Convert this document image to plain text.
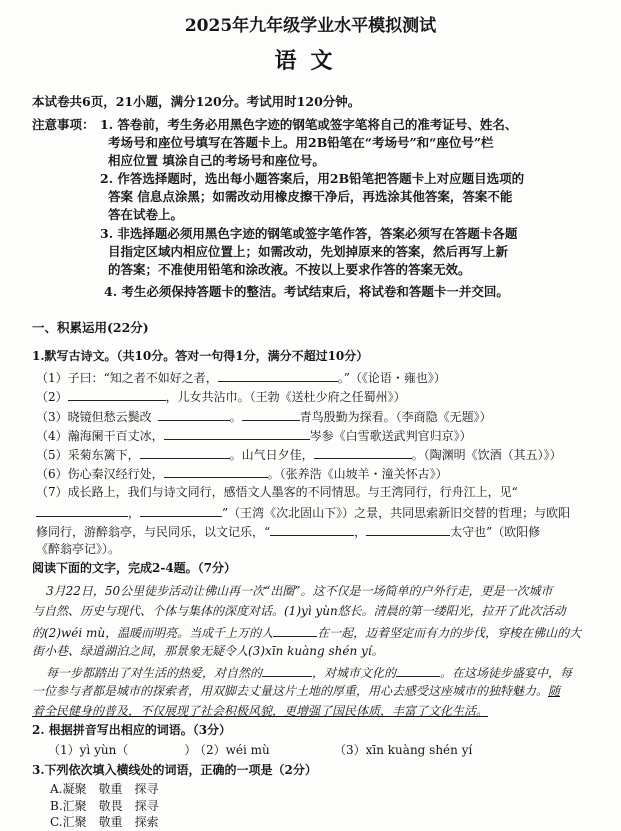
2025年九年级学业水平模拟测试
语文
本试卷共6页，21小题，满分120分。考试用时120分钟。
注意事项： 1. 答卷前，考生务必用黑色字迹的钢笔或签字笔将自己的准考证号、姓名、
考场号和座位号填写在答题卡上。用2B铅笔在“考场号”和“座位号”栏
相应位置 填涂自己的考场号和座位号。
2. 作答选择题时，选出每小题答案后，用2B铅笔把答题卡上对应题目选项的
答案 信息点涂黑；如需改动用橡皮擦干净后，再选涂其他答案，答案不能
答在试卷上。
3. 非选择题必须用黑色字迹的钢笔或签字笔作答，答案必须写在答题卡各题
目指定区域内相应位置上；如需改动，先划掉原来的答案，然后再写上新
的答案；不准使用铅笔和涂改液。不按以上要求作答的答案无效。
4. 考生必须保持答题卡的整洁。考试结束后，将试卷和答题卡一并交回。
一、积累运用(22分)
1.默写古诗文。（共10分。答对一句得1分，满分不超过10分）
（1）子曰：“知之者不如好之者，	。”（《论语・雍也》）
（2）	，儿女共沾巾。（王勃《送杜少府之任蜀州》）
（3）晓镜但愁云鬓改	。	青鸟殷勤为探看。（李商隐《无题》）
（4）瀚海阑干百丈冰，	岑参《白雪歌送武判官归京》）
（5）采菊东篱下，	。山气日夕佳，	。（陶渊明《饮酒（其五）》）
（6）伤心秦汉经行处，	。（张养浩《山坡羊・潼关怀古》）
（7）成长路上，我们与诗文同行，感悟文人墨客的不同情思。与王湾同行，行舟江上，见“
，	”（王湾《次北固山下》）之景，共同思索新旧交替的哲理；与欧阳
修同行，游醉翁亭，与民同乐，以文记乐，“	，	太守也”（欧阳修
《醉翁亭记》）。
阅读下面的文字，完成2-4题。（7分）
3月22日，50公里徒步活动让佛山再一次“出圈”。这不仅是一场简单的户外行走，更是一次城市
与自然、历史与现代、个体与集体的深度对话。(1)yì yùn悠长。清晨的第一缕阳光，拉开了此次活动
的(2)wéi mù，温暖而明亮。当成千上万的人	在一起，迈着坚定而有力的步伐，穿梭在佛山的大
街小巷、绿道湖泊之间，那景象无疑令人(3)xīn kuàng shén yí。
每一步都踏出了对生活的热爱，对自然的	，对城市文化的	。在这场徒步盛宴中，每
一位参与者都是城市的探索者，用双脚去丈量这片土地的厚重，用心去感受这座城市的独特魅力。随
着全民健身的普及，不仅展现了社会积极风貌，更增强了国民体质，丰富了文化生活。
2. 根据拼音写出相应的词语。（3分）
（1）yì yùn（	）
（2）wéi mù	（3）xīn kuàng shén yí
3.下列依次填入横线处的词语，正确的一项是（2分）
A.凝聚　敬重　探寻
B.汇聚　敬畏　探寻
C.汇聚　敬重　探索
